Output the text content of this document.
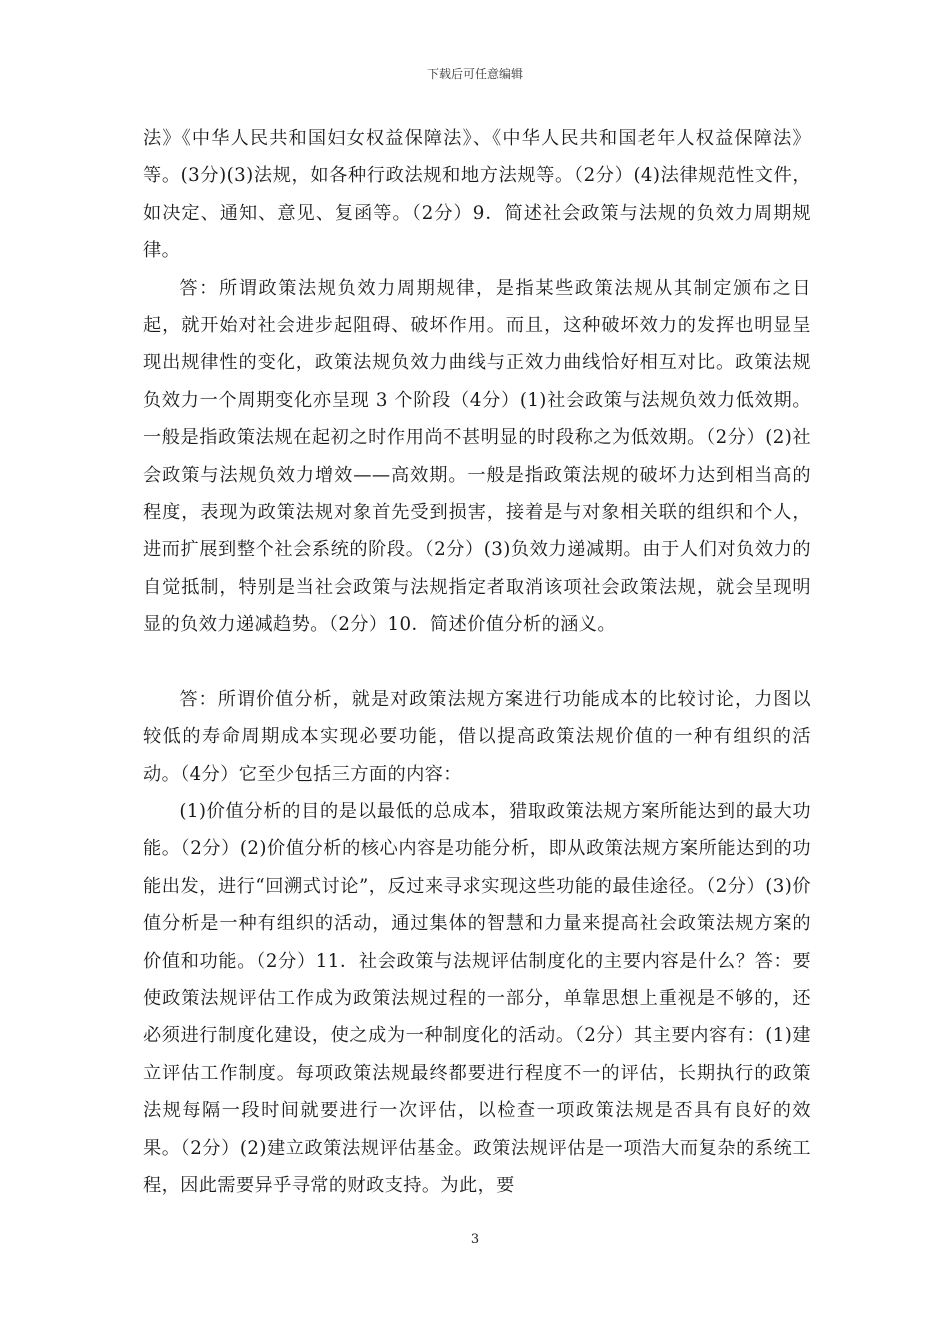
下载后可任意编辑

法》《中华人民共和国妇女权益保障法》、《中华人民共和国老年人权益保障法》等。(3分)(3)法规，如各种行政法规和地方法规等。（2分）(4)法律规范性文件，如决定、通知、意见、复函等。（2分）9．简述社会政策与法规的负效力周期规律。

答：所谓政策法规负效力周期规律，是指某些政策法规从其制定颁布之日起，就开始对社会进步起阻碍、破坏作用。而且，这种破坏效力的发挥也明显呈现出规律性的变化，政策法规负效力曲线与正效力曲线恰好相互对比。政策法规负效力一个周期变化亦呈现 3 个阶段（4分）(1)社会政策与法规负效力低效期。一般是指政策法规在起初之时作用尚不甚明显的时段称之为低效期。（2分）(2)社会政策与法规负效力增效——高效期。一般是指政策法规的破坏力达到相当高的程度，表现为政策法规对象首先受到损害，接着是与对象相关联的组织和个人，进而扩展到整个社会系统的阶段。（2分）(3)负效力递减期。由于人们对负效力的自觉抵制，特别是当社会政策与法规指定者取消该项社会政策法规，就会呈现明显的负效力递减趋势。（2分）10．简述价值分析的涵义。

答：所谓价值分析，就是对政策法规方案进行功能成本的比较讨论，力图以较低的寿命周期成本实现必要功能，借以提高政策法规价值的一种有组织的活动。（4分）它至少包括三方面的内容：

(1)价值分析的目的是以最低的总成本，猎取政策法规方案所能达到的最大功能。（2分）(2)价值分析的核心内容是功能分析，即从政策法规方案所能达到的功能出发，进行“回溯式讨论”，反过来寻求实现这些功能的最佳途径。（2分）(3)价值分析是一种有组织的活动，通过集体的智慧和力量来提高社会政策法规方案的价值和功能。（2分）11．社会政策与法规评估制度化的主要内容是什么？答：要使政策法规评估工作成为政策法规过程的一部分，单靠思想上重视是不够的，还必须进行制度化建设，使之成为一种制度化的活动。（2分）其主要内容有：(1)建立评估工作制度。每项政策法规最终都要进行程度不一的评估，长期执行的政策法规每隔一段时间就要进行一次评估，以检查一项政策法规是否具有良好的效果。（2分）(2)建立政策法规评估基金。政策法规评估是一项浩大而复杂的系统工程，因此需要异乎寻常的财政支持。为此，要

3
